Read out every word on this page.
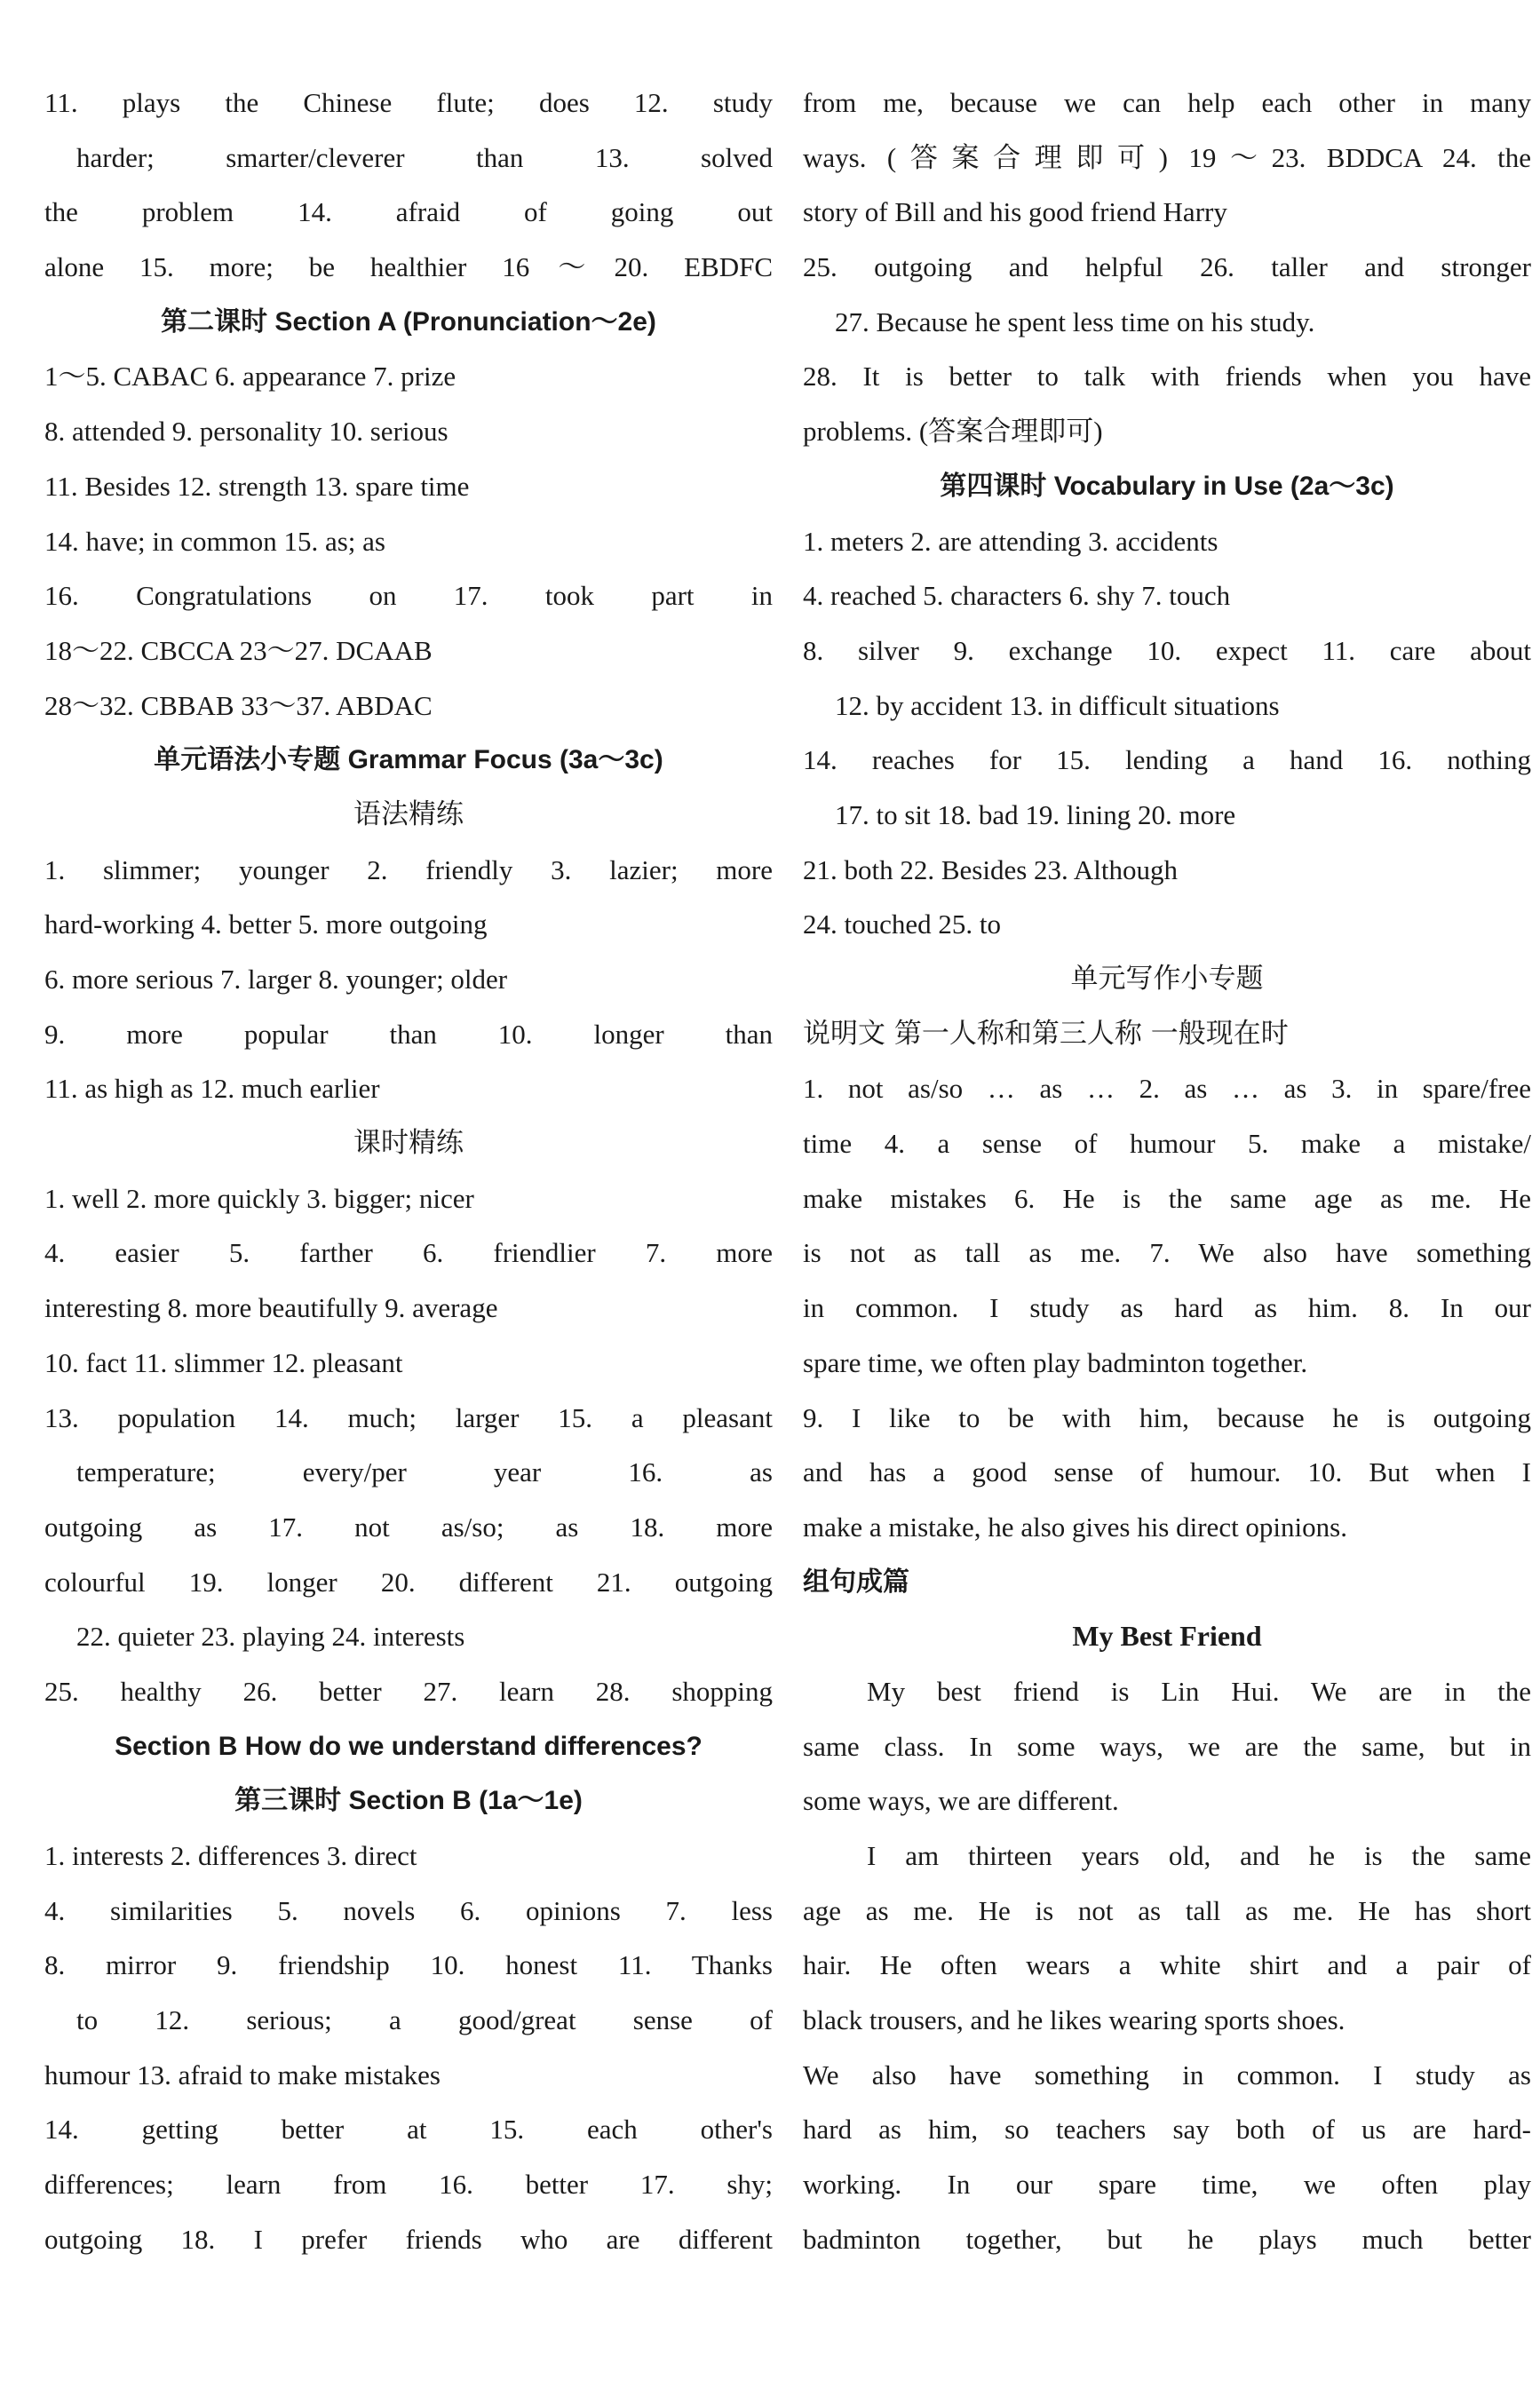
11. plays the Chinese flute; does 12. study
harder; smarter/cleverer than 13. solved
the problem 14. afraid of going out
alone 15. more; be healthier 16～20. EBDFC
第二课时 Section A (Pronunciation～2e)
1～5. CABAC 6. appearance 7. prize
8. attended 9. personality 10. serious
11. Besides 12. strength 13. spare time
14. have; in common 15. as; as
16. Congratulations on 17. took part in
18～22. CBCCA 23～27. DCAAB
28～32. CBBAB 33～37. ABDAC
单元语法小专题 Grammar Focus (3a～3c)
语法精练
1. slimmer; younger 2. friendly 3. lazier; more
hard-working 4. better 5. more outgoing
6. more serious 7. larger 8. younger; older
9. more popular than 10. longer than
11. as high as 12. much earlier
课时精练
1. well 2. more quickly 3. bigger; nicer
4. easier 5. farther 6. friendlier 7. more
interesting 8. more beautifully 9. average
10. fact 11. slimmer 12. pleasant
13. population 14. much; larger 15. a pleasant
temperature; every/per year 16. as
outgoing as 17. not as/so; as 18. more
colourful 19. longer 20. different 21. outgoing
22. quieter 23. playing 24. interests
25. healthy 26. better 27. learn 28. shopping
Section B How do we understand differences?
第三课时 Section B (1a～1e)
1. interests 2. differences 3. direct
4. similarities 5. novels 6. opinions 7. less
8. mirror 9. friendship 10. honest 11. Thanks
to 12. serious; a good/great sense of
humour 13. afraid to make mistakes
14. getting better at 15. each other's
differences; learn from 16. better 17. shy;
outgoing 18. I prefer friends who are different
from me, because we can help each other in many
ways. (答案合理即可) 19～23. BDDCA 24. the
story of Bill and his good friend Harry
25. outgoing and helpful 26. taller and stronger
27. Because he spent less time on his study.
28. It is better to talk with friends when you have
problems. (答案合理即可)
第四课时 Vocabulary in Use (2a～3c)
1. meters 2. are attending 3. accidents
4. reached 5. characters 6. shy 7. touch
8. silver 9. exchange 10. expect 11. care about
12. by accident 13. in difficult situations
14. reaches for 15. lending a hand 16. nothing
17. to sit 18. bad 19. lining 20. more
21. both 22. Besides 23. Although
24. touched 25. to
单元写作小专题
说明文 第一人称和第三人称 一般现在时
1. not as/so … as … 2. as … as 3. in spare/free
time 4. a sense of humour 5. make a mistake/
make mistakes 6. He is the same age as me. He
is not as tall as me. 7. We also have something
in common. I study as hard as him. 8. In our
spare time, we often play badminton together.
9. I like to be with him, because he is outgoing
and has a good sense of humour. 10. But when I
make a mistake, he also gives his direct opinions.
组句成篇
My Best Friend
My best friend is Lin Hui. We are in the
same class. In some ways, we are the same, but in
some ways, we are different.
I am thirteen years old, and he is the same
age as me. He is not as tall as me. He has short
hair. He often wears a white shirt and a pair of
black trousers, and he likes wearing sports shoes.
We also have something in common. I study as
hard as him, so teachers say both of us are hard-
working. In our spare time, we often play
badminton together, but he plays much better
